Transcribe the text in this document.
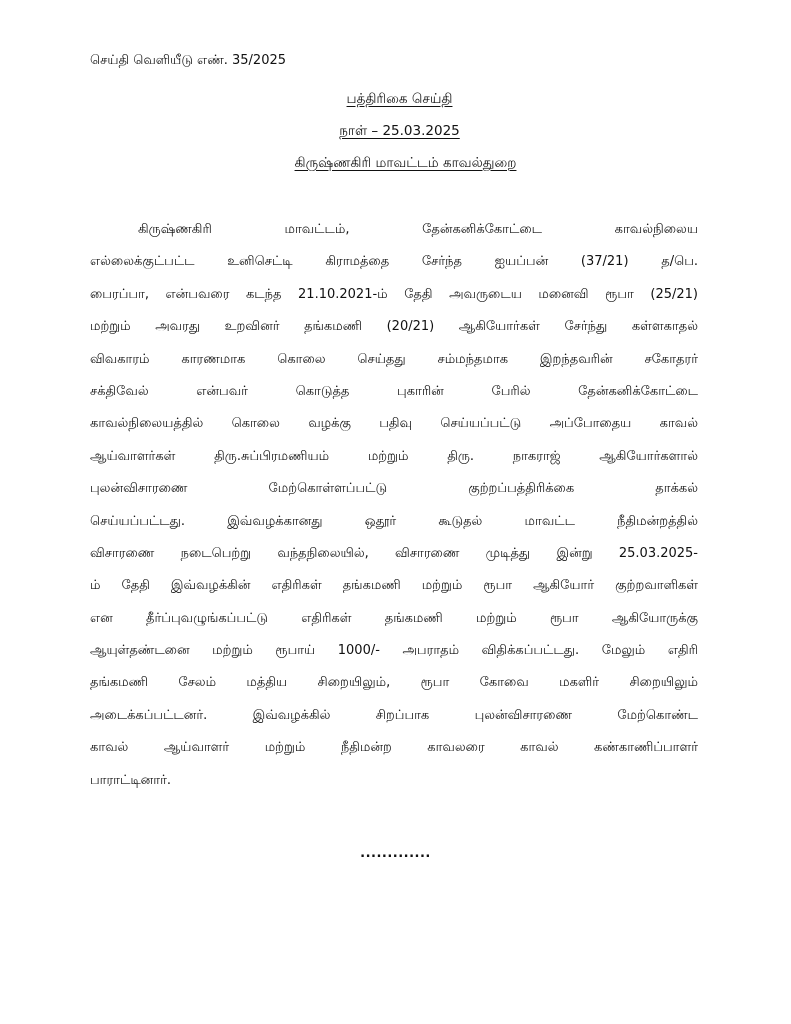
செய்தி வெளியீடு எண். 35/2025
பத்திரிகை செய்தி
நாள் – 25.03.2025
கிருஷ்ணகிரி மாவட்டம் காவல்துறை
கிருஷ்ணகிரி மாவட்டம், தேன்கனிக்கோட்டை காவல்நிலைய
எல்லைக்குட்பட்ட உனிசெட்டி கிராமத்தை சேர்ந்த ஐயப்பன் (37/21) த/பெ.
பைரப்பா, என்பவரை கடந்த 21.10.2021-ம் தேதி அவருடைய மனைவி ரூபா (25/21)
மற்றும் அவரது உறவினர் தங்கமணி (20/21) ஆகியோர்கள் சேர்ந்து கள்ளகாதல்
விவகாரம் காரணமாக கொலை செய்தது சம்மந்தமாக இறந்தவரின் சகோதரர்
சக்திவேல் என்பவர் கொடுத்த புகாரின் பேரில் தேன்கனிக்கோட்டை
காவல்நிலையத்தில் கொலை வழக்கு பதிவு செய்யப்பட்டு அப்போதைய காவல்
ஆய்வாளர்கள் திரு.சுப்பிரமணியம் மற்றும் திரு. நாகராஜ் ஆகியோர்களால்
புலன்விசாரணை மேற்கொள்ளப்பட்டு குற்றப்பத்திரிக்கை தாக்கல்
செய்யப்பட்டது. இவ்வழக்கானது ஒதூர் கூடுதல் மாவட்ட நீதிமன்றத்தில்
விசாரணை நடைபெற்று வந்தநிலையில், விசாரணை முடித்து இன்று 25.03.2025-
ம் தேதி இவ்வழக்கின் எதிரிகள் தங்கமணி மற்றும் ரூபா ஆகியோர் குற்றவாளிகள்
என தீர்ப்புவழுங்கப்பட்டு எதிரிகள் தங்கமணி மற்றும் ரூபா ஆகியோருக்கு
ஆயுள்தண்டனை மற்றும் ரூபாய் 1000/- அபராதம் விதிக்கப்பட்டது. மேலும் எதிரி
தங்கமணி சேலம் மத்திய சிறையிலும், ரூபா கோவை மகளிர் சிறையிலும்
அடைக்கப்பட்டனர். இவ்வழக்கில் சிறப்பாக புலன்விசாரணை மேற்கொண்ட
காவல் ஆய்வாளர் மற்றும் நீதிமன்ற காவலரை காவல் கண்காணிப்பாளர்
பாராட்டினார்.
.............
